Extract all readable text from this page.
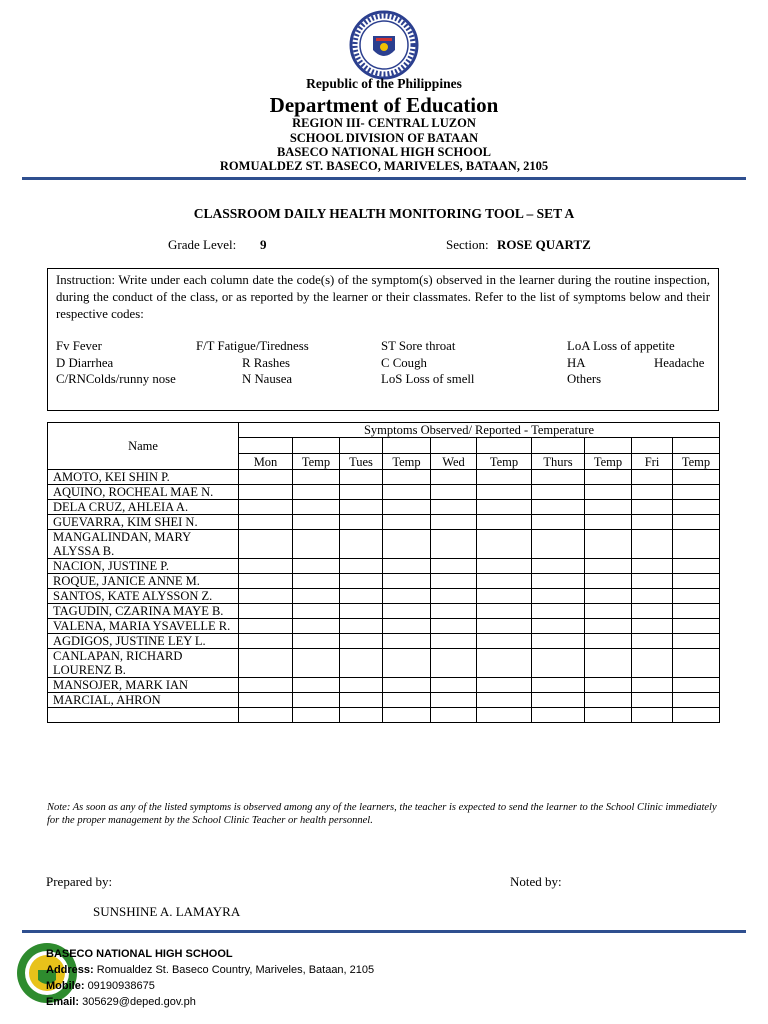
Republic of the Philippines
Department of Education
REGION III- CENTRAL LUZON
SCHOOL DIVISION OF BATAAN
BASECO NATIONAL HIGH SCHOOL
ROMUALDEZ ST. BASECO, MARIVELES, BATAAN, 2105
CLASSROOM DAILY HEALTH MONITORING TOOL – SET A
Grade Level: 9	Section: ROSE QUARTZ
Instruction: Write under each column date the code(s) of the symptom(s) observed in the learner during the routine inspection, during the conduct of the class, or as reported by the learner or their classmates. Refer to the list of symptoms below and their respective codes:
Fv Fever	F/T Fatigue/Tiredness	ST Sore throat	LoA Loss of appetite
D Diarrhea	R Rashes	C Cough	HA	Headache
C/RNColds/runny nose	N Nausea	LoS Loss of smell	Others
Name	Symptoms Observed/ Reported - Temperature									

	Mon	Temp	Tues	Temp	Wed	Temp	Thurs	Temp	Fri	Temp
AMOTO, KEI SHIN P.										
AQUINO, ROCHEAL MAE N.										
DELA CRUZ, AHLEIA A.										
GUEVARRA, KIM SHEI N.										
MANGALINDAN, MARY ALYSSA B.										
NACION, JUSTINE P.										
ROQUE, JANICE ANNE M.										
SANTOS, KATE ALYSSON Z.										
TAGUDIN, CZARINA MAYE B.										
VALENA, MARIA YSAVELLE R.										
AGDIGOS, JUSTINE LEY L.										
CANLAPAN, RICHARD LOURENZ B.										
MANSOJER, MARK IAN										
MARCIAL, AHRON										

Note: As soon as any of the listed symptoms is observed among any of the learners, the teacher is expected to send the learner to the School Clinic immediately for the proper management by the School Clinic Teacher or health personnel.
Prepared by:	Noted by:
SUNSHINE A. LAMAYRA
BASECO NATIONAL HIGH SCHOOL
Address: Romualdez St. Baseco Country, Mariveles, Bataan, 2105
Mobile: 09190938675
Email: 305629@deped.gov.ph
